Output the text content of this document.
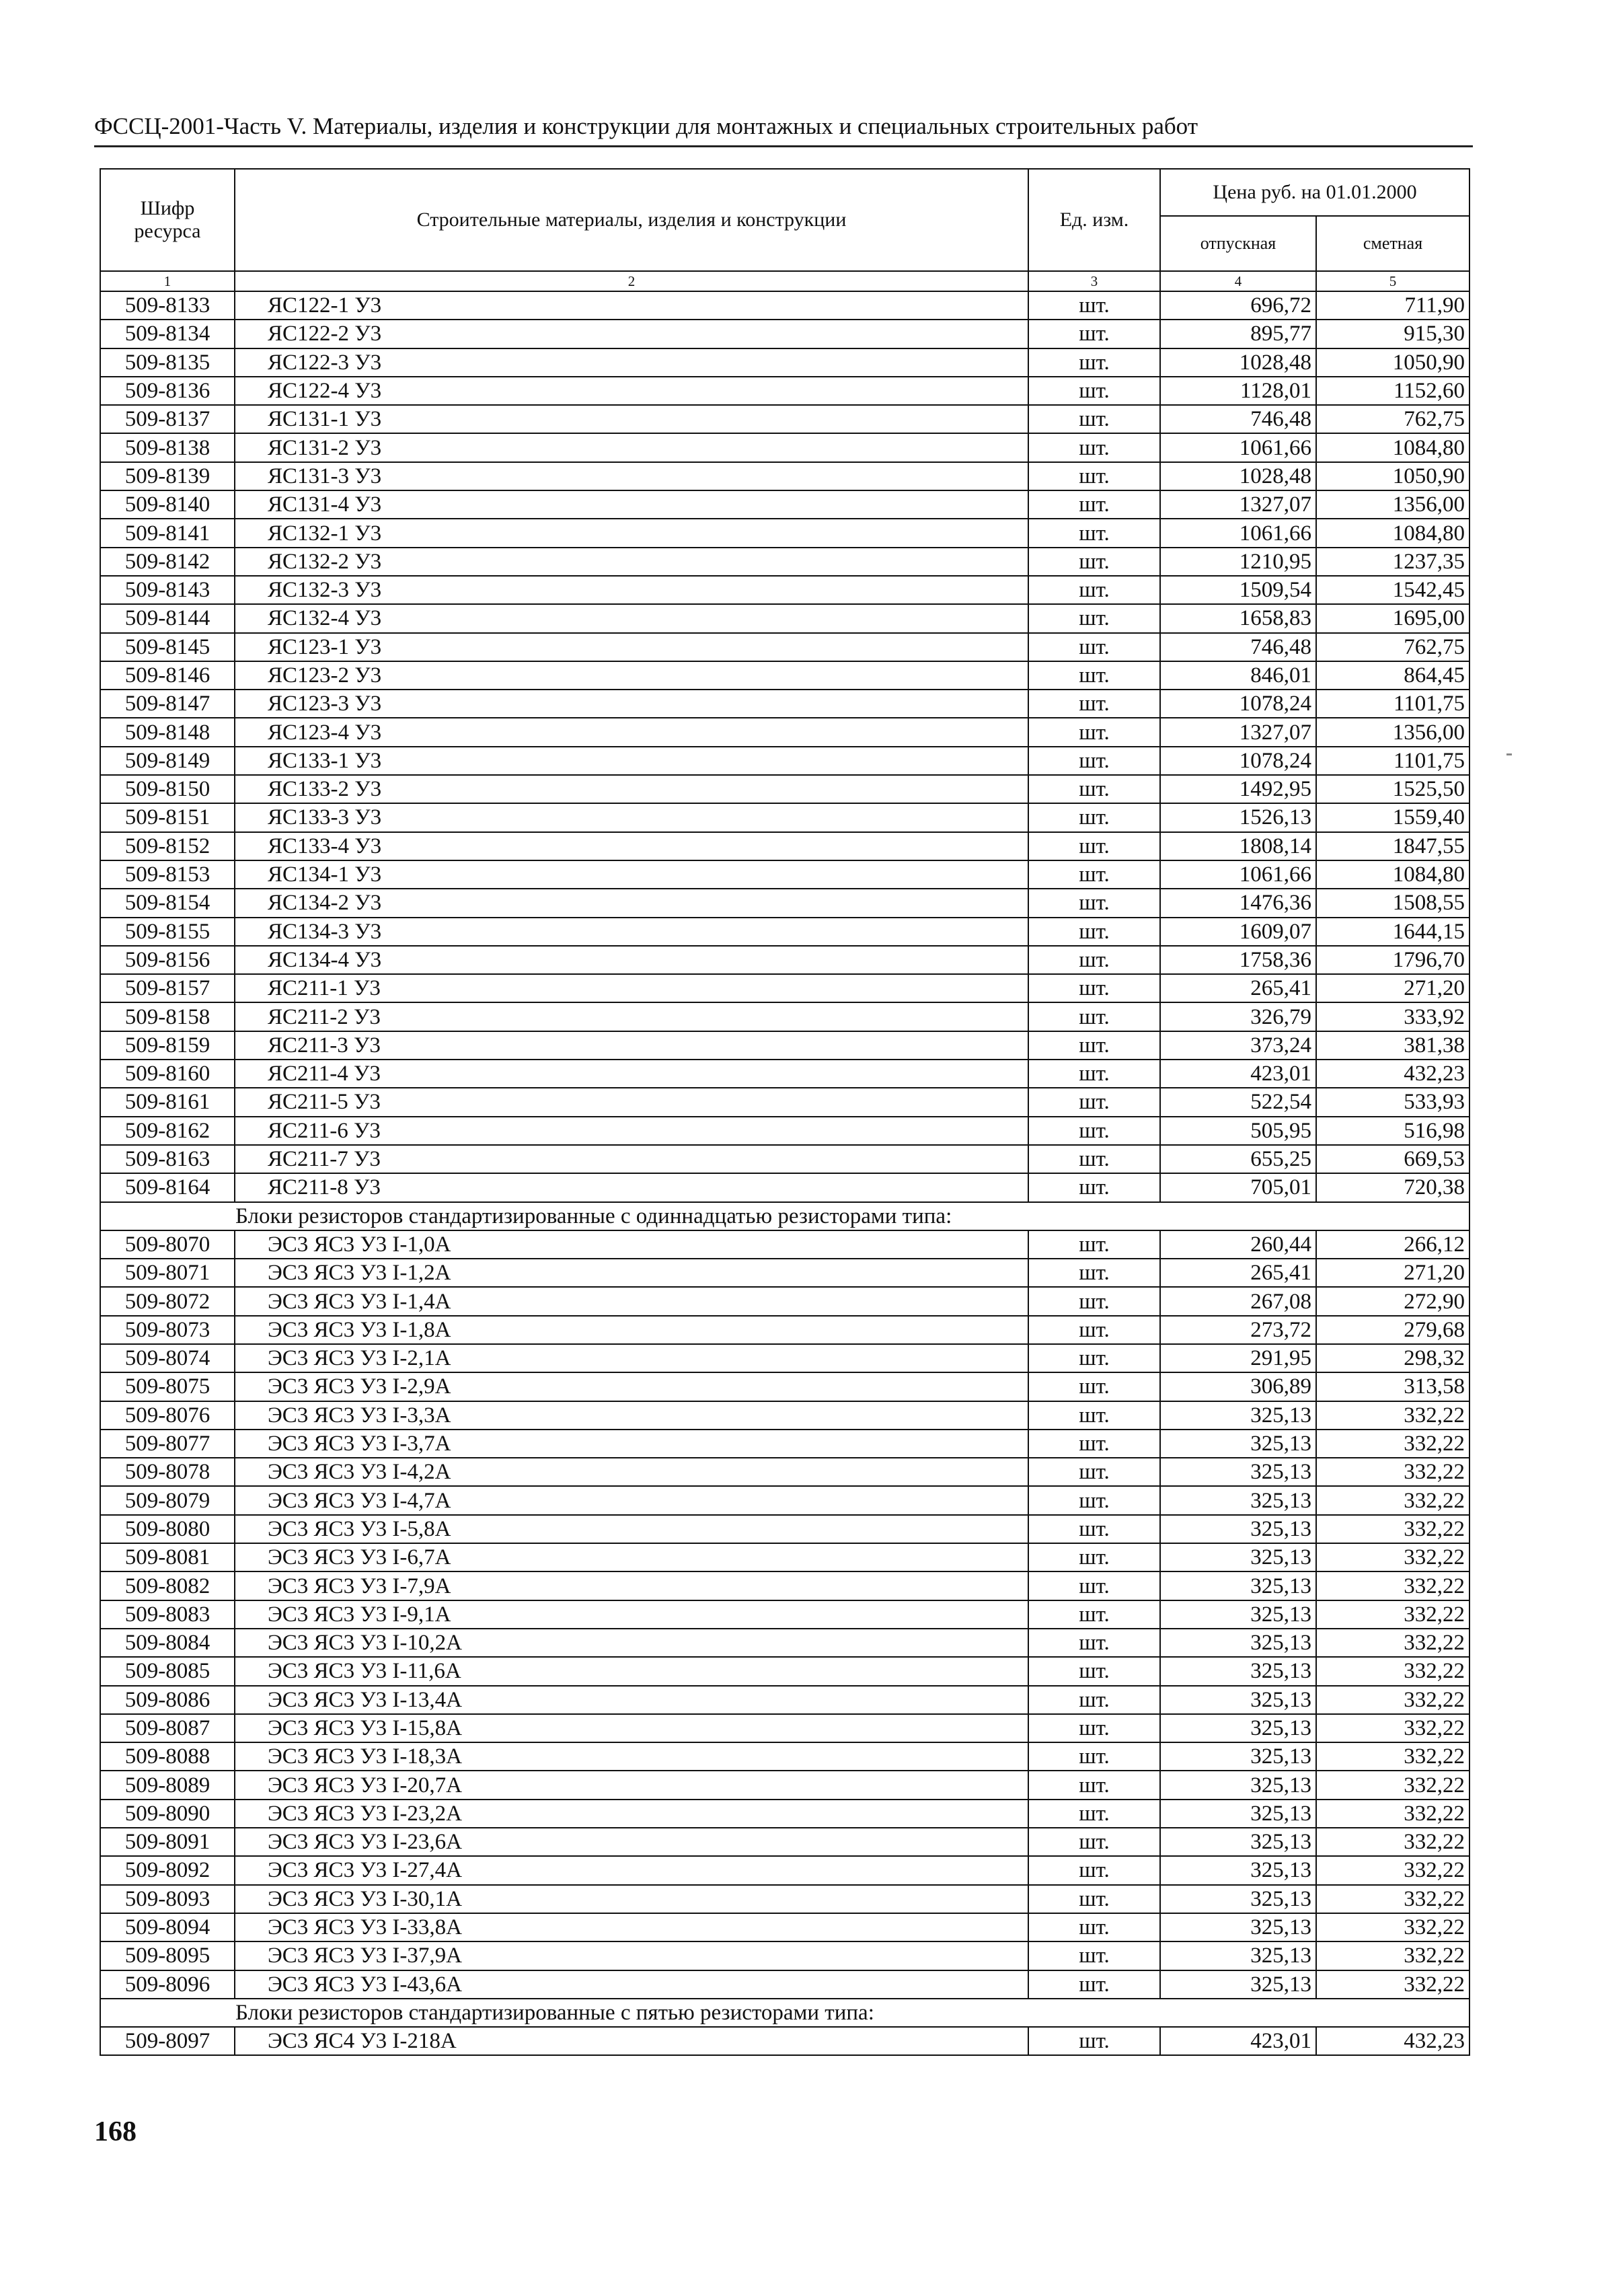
ФССЦ-2001-Часть V. Материалы, изделия и конструкции для монтажных и специальных строительных работ
Шифр ресурса	Строительные материалы, изделия и конструкции	Ед. изм.	Цена руб. на 01.01.2000	
			отпускная	сметная
1	2	3	4	5
509-8133	ЯС122-1 У3	шт.	696,72	711,90
509-8134	ЯС122-2 У3	шт.	895,77	915,30
509-8135	ЯС122-3 У3	шт.	1028,48	1050,90
509-8136	ЯС122-4 У3	шт.	1128,01	1152,60
509-8137	ЯС131-1 У3	шт.	746,48	762,75
509-8138	ЯС131-2 У3	шт.	1061,66	1084,80
509-8139	ЯС131-3 У3	шт.	1028,48	1050,90
509-8140	ЯС131-4 У3	шт.	1327,07	1356,00
509-8141	ЯС132-1 У3	шт.	1061,66	1084,80
509-8142	ЯС132-2 У3	шт.	1210,95	1237,35
509-8143	ЯС132-3 У3	шт.	1509,54	1542,45
509-8144	ЯС132-4 У3	шт.	1658,83	1695,00
509-8145	ЯС123-1 У3	шт.	746,48	762,75
509-8146	ЯС123-2 У3	шт.	846,01	864,45
509-8147	ЯС123-3 У3	шт.	1078,24	1101,75
509-8148	ЯС123-4 У3	шт.	1327,07	1356,00
509-8149	ЯС133-1 У3	шт.	1078,24	1101,75
509-8150	ЯС133-2 У3	шт.	1492,95	1525,50
509-8151	ЯС133-3 У3	шт.	1526,13	1559,40
509-8152	ЯС133-4 У3	шт.	1808,14	1847,55
509-8153	ЯС134-1 У3	шт.	1061,66	1084,80
509-8154	ЯС134-2 У3	шт.	1476,36	1508,55
509-8155	ЯС134-3 У3	шт.	1609,07	1644,15
509-8156	ЯС134-4 У3	шт.	1758,36	1796,70
509-8157	ЯС211-1 У3	шт.	265,41	271,20
509-8158	ЯС211-2 У3	шт.	326,79	333,92
509-8159	ЯС211-3 У3	шт.	373,24	381,38
509-8160	ЯС211-4 У3	шт.	423,01	432,23
509-8161	ЯС211-5 У3	шт.	522,54	533,93
509-8162	ЯС211-6 У3	шт.	505,95	516,98
509-8163	ЯС211-7 У3	шт.	655,25	669,53
509-8164	ЯС211-8 У3	шт.	705,01	720,38
Блоки резисторов стандартизированные с одиннадцатью резисторами типа:				
509-8070	ЭС3 ЯС3 У3 I-1,0А	шт.	260,44	266,12
509-8071	ЭС3 ЯС3 У3 I-1,2А	шт.	265,41	271,20
509-8072	ЭС3 ЯС3 У3 I-1,4А	шт.	267,08	272,90
509-8073	ЭС3 ЯС3 У3 I-1,8А	шт.	273,72	279,68
509-8074	ЭС3 ЯС3 У3 I-2,1А	шт.	291,95	298,32
509-8075	ЭС3 ЯС3 У3 I-2,9А	шт.	306,89	313,58
509-8076	ЭС3 ЯС3 У3 I-3,3А	шт.	325,13	332,22
509-8077	ЭС3 ЯС3 У3 I-3,7А	шт.	325,13	332,22
509-8078	ЭС3 ЯС3 У3 I-4,2А	шт.	325,13	332,22
509-8079	ЭС3 ЯС3 У3 I-4,7А	шт.	325,13	332,22
509-8080	ЭС3 ЯС3 У3 I-5,8А	шт.	325,13	332,22
509-8081	ЭС3 ЯС3 У3 I-6,7А	шт.	325,13	332,22
509-8082	ЭС3 ЯС3 У3 I-7,9А	шт.	325,13	332,22
509-8083	ЭС3 ЯС3 У3 I-9,1А	шт.	325,13	332,22
509-8084	ЭС3 ЯС3 У3 I-10,2А	шт.	325,13	332,22
509-8085	ЭС3 ЯС3 У3 I-11,6А	шт.	325,13	332,22
509-8086	ЭС3 ЯС3 У3 I-13,4А	шт.	325,13	332,22
509-8087	ЭС3 ЯС3 У3 I-15,8А	шт.	325,13	332,22
509-8088	ЭС3 ЯС3 У3 I-18,3А	шт.	325,13	332,22
509-8089	ЭС3 ЯС3 У3 I-20,7А	шт.	325,13	332,22
509-8090	ЭС3 ЯС3 У3 I-23,2А	шт.	325,13	332,22
509-8091	ЭС3 ЯС3 У3 I-23,6А	шт.	325,13	332,22
509-8092	ЭС3 ЯС3 У3 I-27,4А	шт.	325,13	332,22
509-8093	ЭС3 ЯС3 У3 I-30,1А	шт.	325,13	332,22
509-8094	ЭС3 ЯС3 У3 I-33,8А	шт.	325,13	332,22
509-8095	ЭС3 ЯС3 У3 I-37,9А	шт.	325,13	332,22
509-8096	ЭС3 ЯС3 У3 I-43,6А	шт.	325,13	332,22
Блоки резисторов стандартизированные с пятью резисторами типа:				
509-8097	ЭС3 ЯС4 У3 I-218А	шт.	423,01	432,23
168
